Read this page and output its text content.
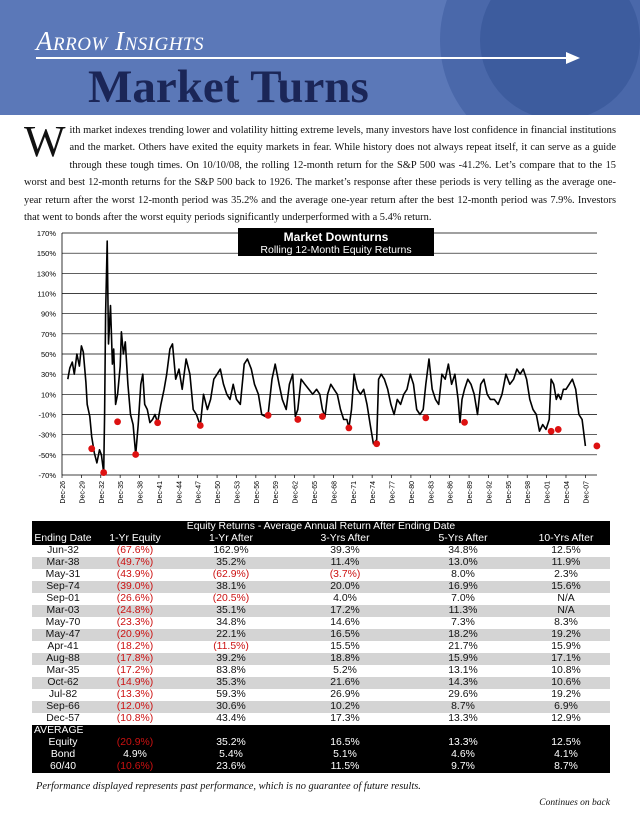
Arrow Insights
Market Turns
With market indexes trending lower and volatility hitting extreme levels, many investors have lost confidence in financial institutions and the market. Others have exited the equity markets in fear. While history does not always repeat itself, it can serve as a guide through these tough times. On 10/10/08, the rolling 12-month return for the S&P 500 was -41.2%. Let’s compare that to the 15 worst and best 12-month returns for the S&P 500 back to 1926. The market’s response after these periods is very telling as the average one-year return after the worst 12-month period was 35.2% and the average one-year return after the best 12-month period was 7.9%. Investors that went to bonds after the worst equity periods significantly underperformed with a 5.4% return.
170%
150%
130%
110%
90%
70%
50%
30%
10%
-10%
-30%
-50%
-70%
Dec-26 Dec-29 Dec-32 Dec-35 Dec-38 Dec-41 Dec-44 Dec-47 Dec-50 Dec-53 Dec-56 Dec-59 Dec-62 Dec-65 Dec-68 Dec-71 Dec-74 Dec-77 Dec-80 Dec-83 Dec-86 Dec-89 Dec-92 Dec-95 Dec-98 Dec-01 Dec-04 Dec-07
Market Downturns
Rolling 12-Month Equity Returns
Equity Returns - Average Annual Return After Ending Date					
Ending Date	1-Yr Equity	1-Yr After	3-Yrs After	5-Yrs After	10-Yrs After
Jun-32	(67.6%)	162.9%	39.3%	34.8%	12.5%
Mar-38	(49.7%)	35.2%	11.4%	13.0%	11.9%
May-31	(43.9%)	(62.9%)	(3.7%)	8.0%	2.3%
Sep-74	(39.0%)	38.1%	20.0%	16.9%	15.6%
Sep-01	(26.6%)	(20.5%)	4.0%	7.0%	N/A
Mar-03	(24.8%)	35.1%	17.2%	11.3%	N/A
May-70	(23.3%)	34.8%	14.6%	7.3%	8.3%
May-47	(20.9%)	22.1%	16.5%	18.2%	19.2%
Apr-41	(18.2%)	(11.5%)	15.5%	21.7%	15.9%
Aug-88	(17.8%)	39.2%	18.8%	15.9%	17.1%
Mar-35	(17.2%)	83.8%	5.2%	13.1%	10.8%
Oct-62	(14.9%)	35.3%	21.6%	14.3%	10.6%
Jul-82	(13.3%)	59.3%	26.9%	29.6%	19.2%
Sep-66	(12.0%)	30.6%	10.2%	8.7%	6.9%
Dec-57	(10.8%)	43.4%	17.3%	13.3%	12.9%
AVERAGE					
Equity	(20.9%)	35.2%	16.5%	13.3%	12.5%
Bond	4.9%	5.4%	5.1%	4.6%	4.1%
60/40	(10.6%)	23.6%	11.5%	9.7%	8.7%
Performance displayed represents past performance, which is no guarantee of future results.
Continues on back
